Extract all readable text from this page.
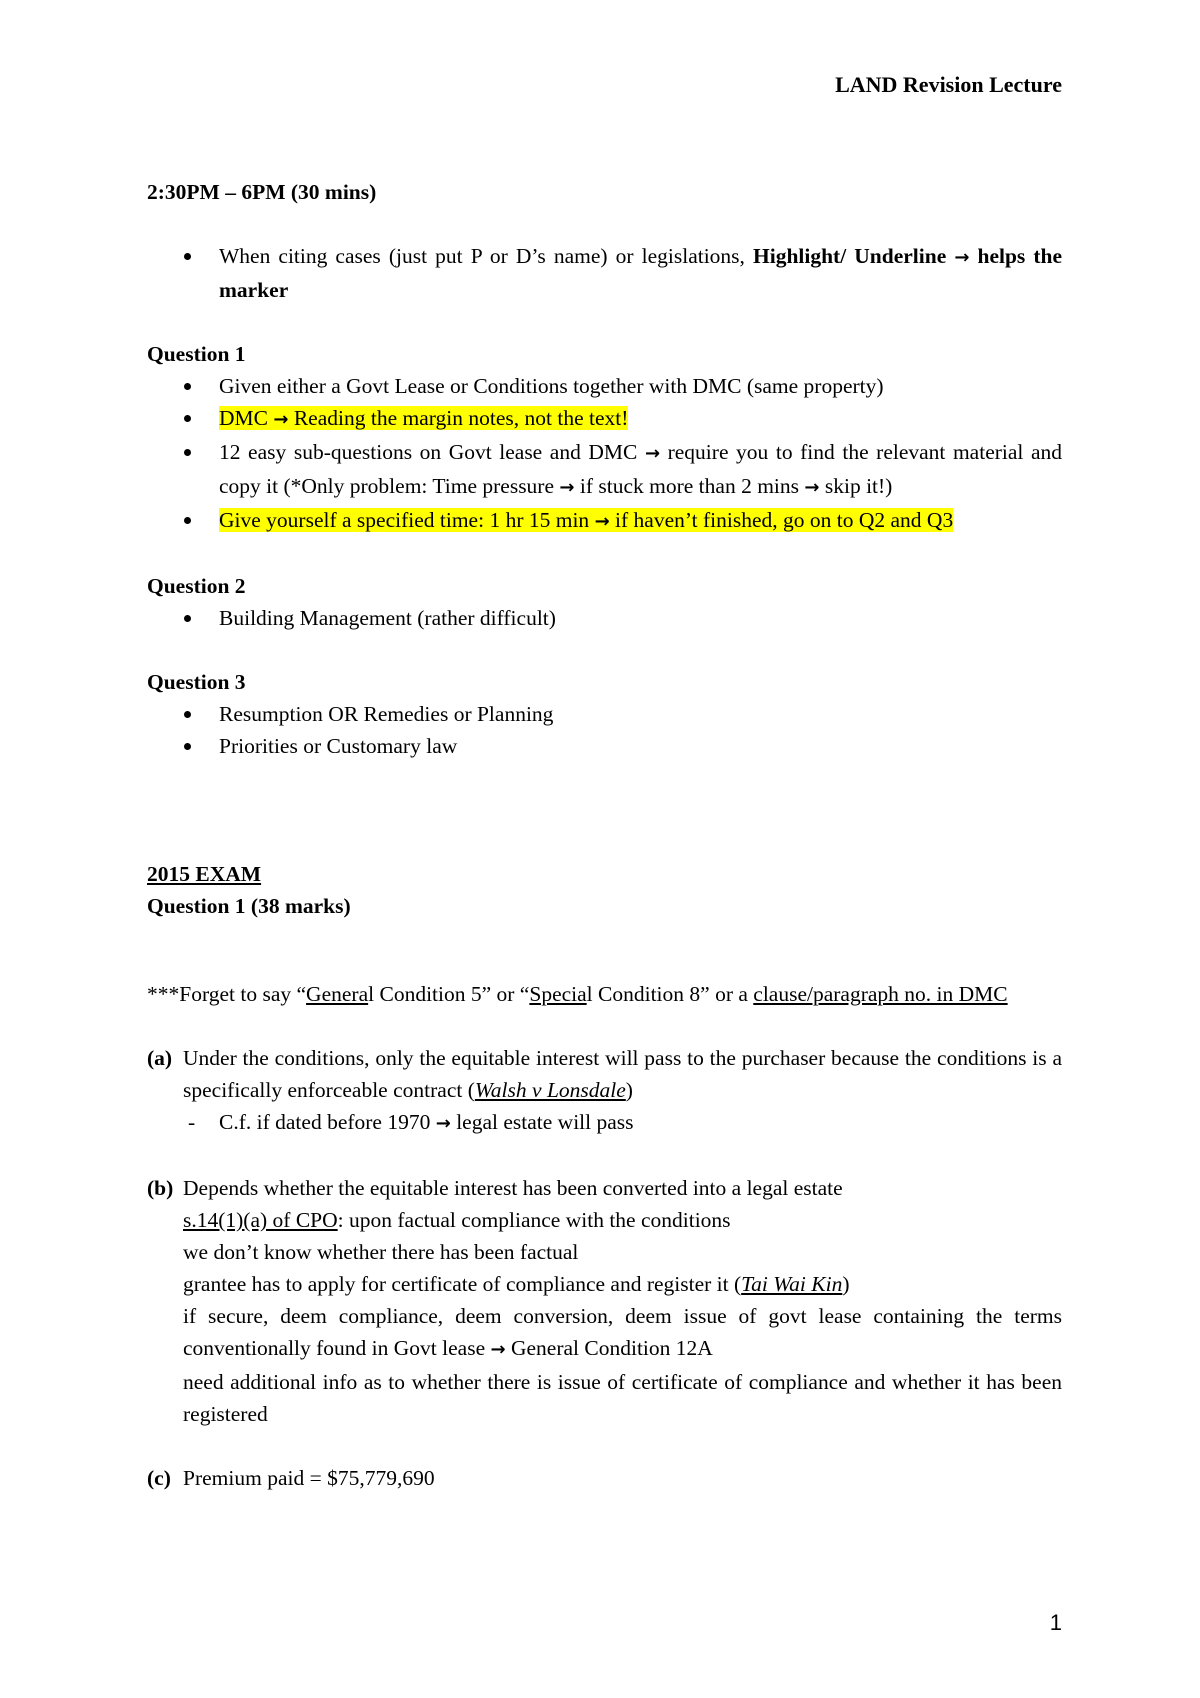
LAND Revision Lecture

2:30PM – 6PM (30 mins)

When citing cases (just put P or D’s name) or legislations, Highlight/ Underline → helps the marker

Question 1

Given either a Govt Lease or Conditions together with DMC (same property)
DMC → Reading the margin notes, not the text!
12 easy sub-questions on Govt lease and DMC → require you to find the relevant material and copy it (*Only problem: Time pressure → if stuck more than 2 mins → skip it!)
Give yourself a specified time: 1 hr 15 min → if haven’t finished, go on to Q2 and Q3

Question 2

Building Management (rather difficult)

Question 3

Resumption OR Remedies or Planning
Priorities or Customary law

2015 EXAM

Question 1 (38 marks)

***Forget to say “General Condition 5” or “Special Condition 8” or a clause/paragraph no. in DMC

(a) Under the conditions, only the equitable interest will pass to the purchaser because the conditions is a specifically enforceable contract (Walsh v Lonsdale)
- C.f. if dated before 1970 → legal estate will pass
(b) Depends whether the equitable interest has been converted into a legal estate
s.14(1)(a) of CPO: upon factual compliance with the conditions
we don’t know whether there has been factual
grantee has to apply for certificate of compliance and register it (Tai Wai Kin)
if secure, deem compliance, deem conversion, deem issue of govt lease containing the terms conventionally found in Govt lease → General Condition 12A
need additional info as to whether there is issue of certificate of compliance and whether it has been registered
(c) Premium paid = $75,779,690
1
